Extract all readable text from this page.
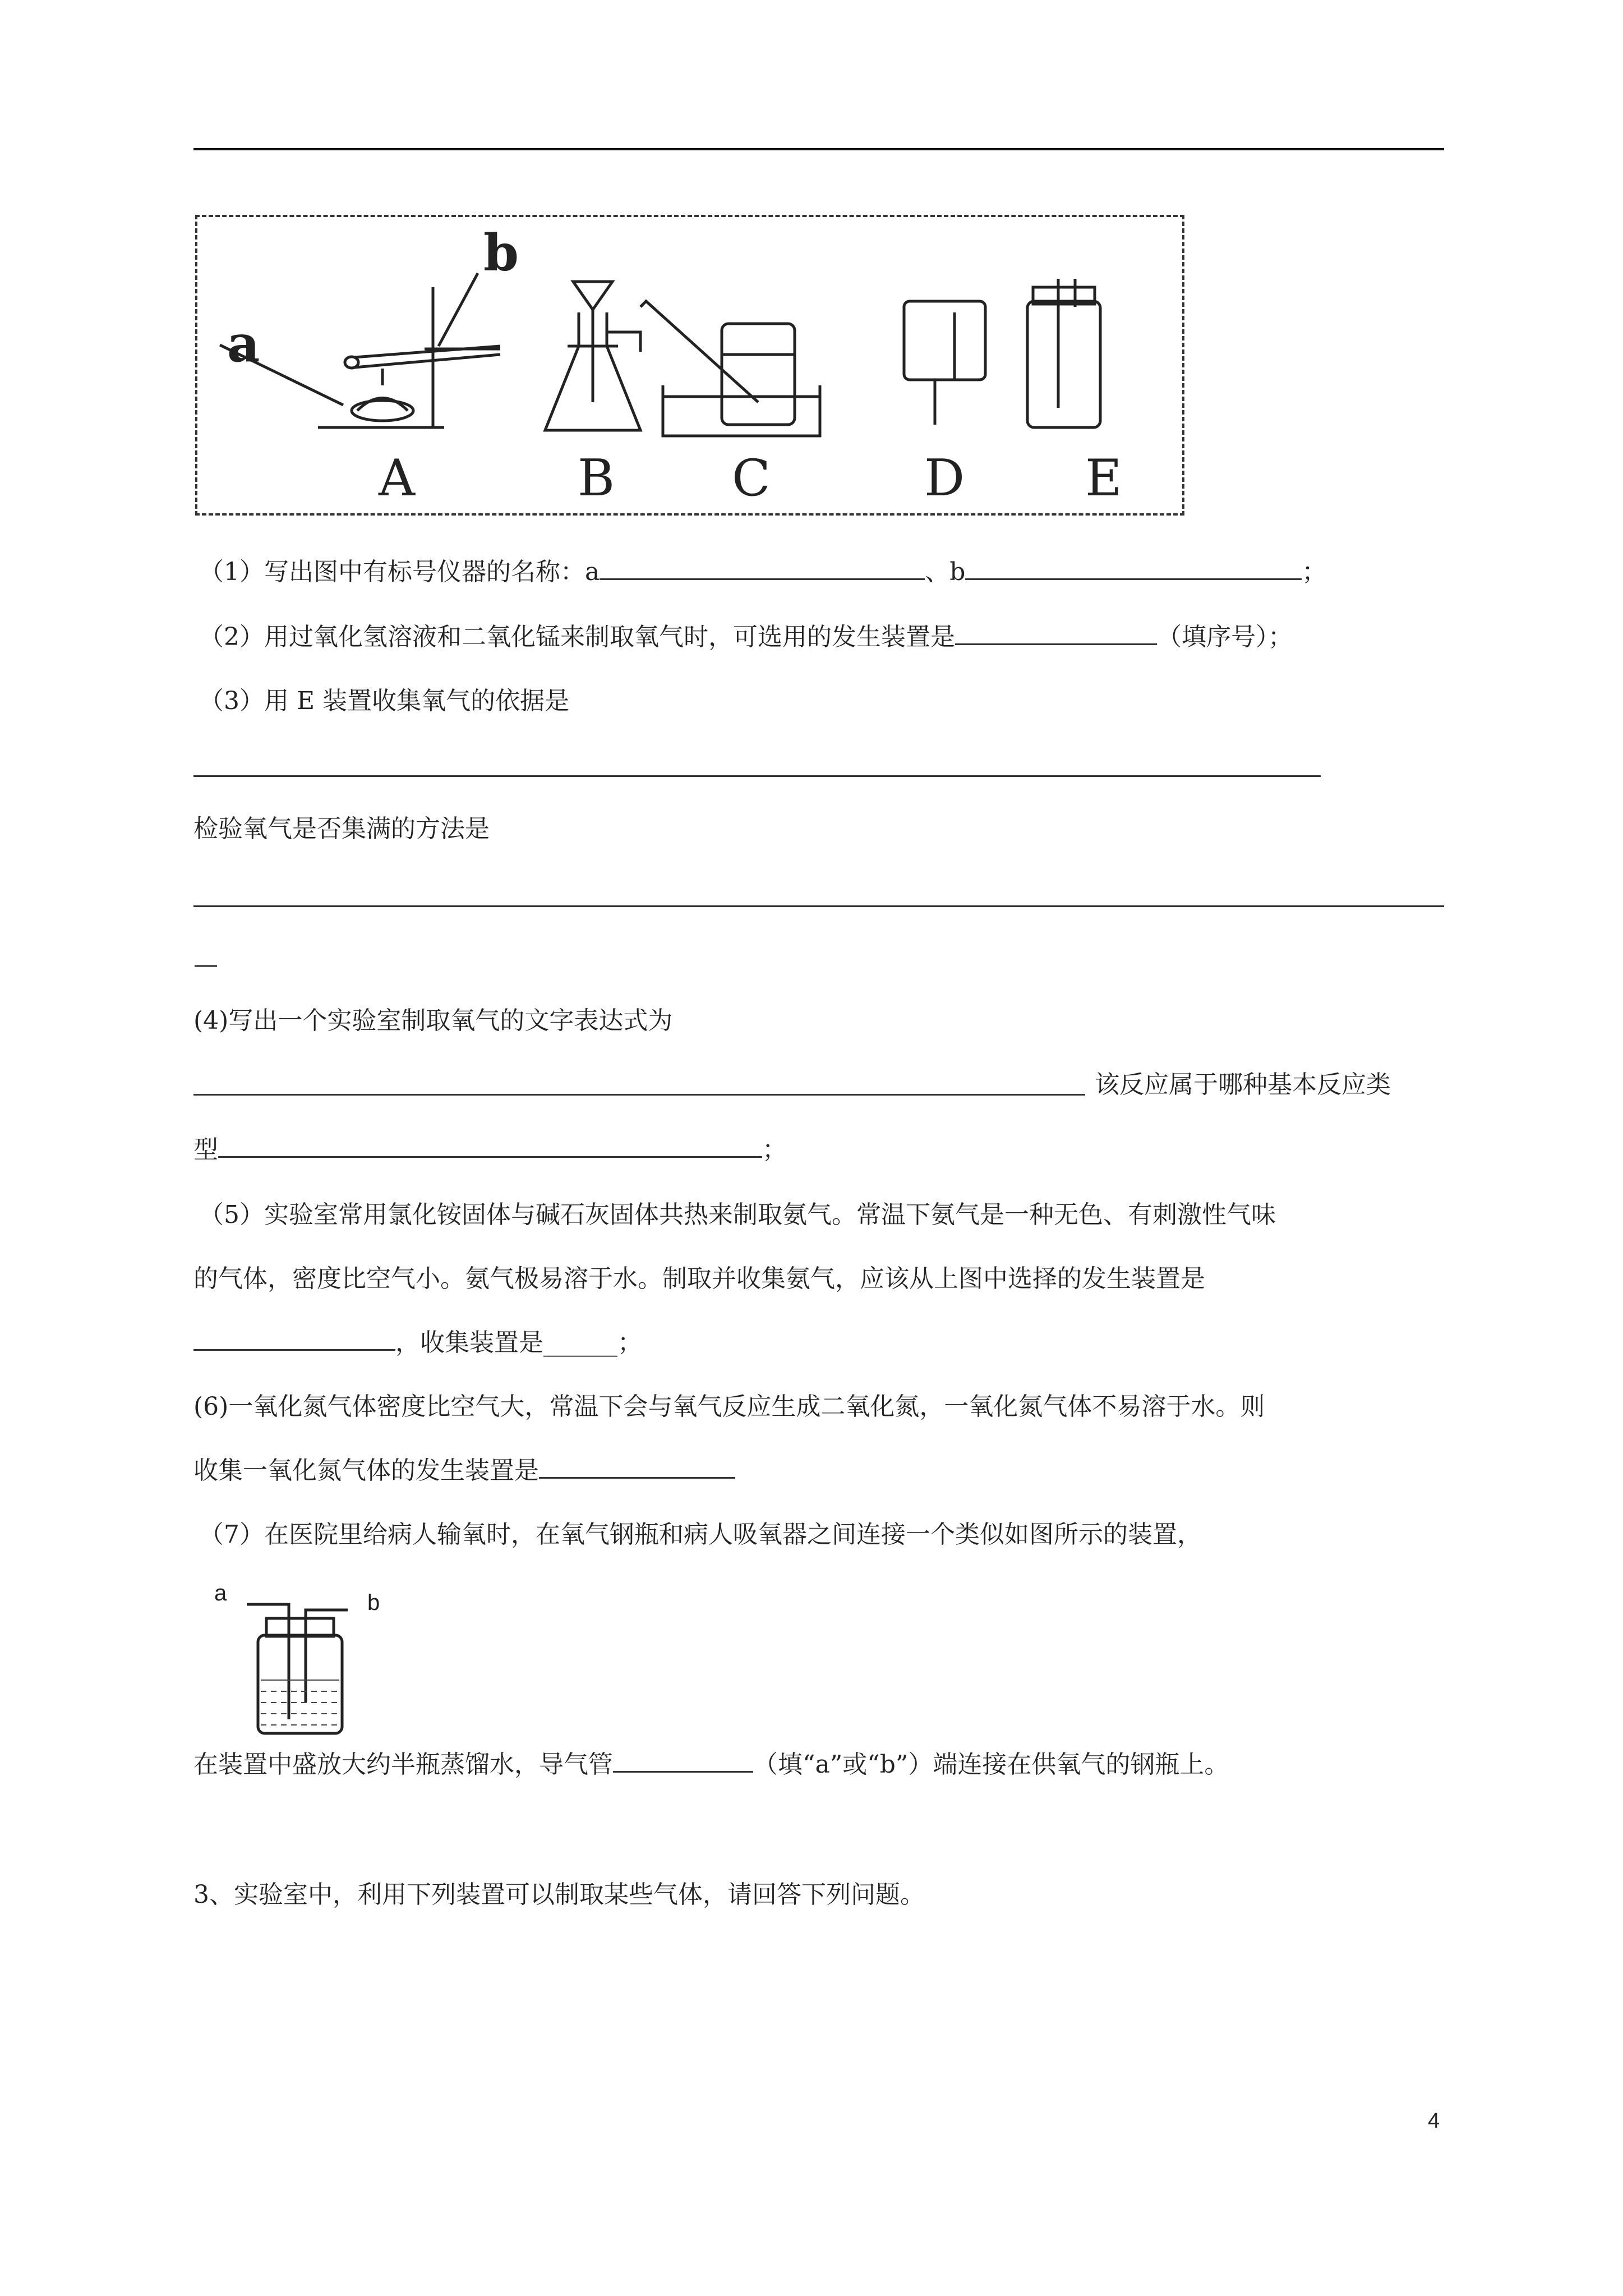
a
b
A	B C	D E
（1）写出图中有标号仪器的名称：a	、b	；
（2）用过氧化氢溶液和二氧化锰来制取氧气时，可选用的发生装置是	（填序号）；
（3）用 E 装置收集氧气的依据是
检验氧气是否集满的方法是
—
(4)写出一个实验室制取氧气的文字表达式为
该反应属于哪种基本反应类
型	；
（5）实验室常用氯化铵固体与碱石灰固体共热来制取氨气。常温下氨气是一种无色、有刺激性气味
的气体，密度比空气小。氨气极易溶于水。制取并收集氨气，应该从上图中选择的发生装置是
，收集装置是______；
(6)一氧化氮气体密度比空气大，常温下会与氧气反应生成二氧化氮，一氧化氮气体不易溶于水。则
收集一氧化氮气体的发生装置是
（7）在医院里给病人输氧时，在氧气钢瓶和病人吸氧器之间连接一个类似如图所示的装置，
a	b
在装置中盛放大约半瓶蒸馏水，导气管	（填“a”或“b”）端连接在供氧气的钢瓶上。
3、实验室中，利用下列装置可以制取某些气体，请回答下列问题。
4
